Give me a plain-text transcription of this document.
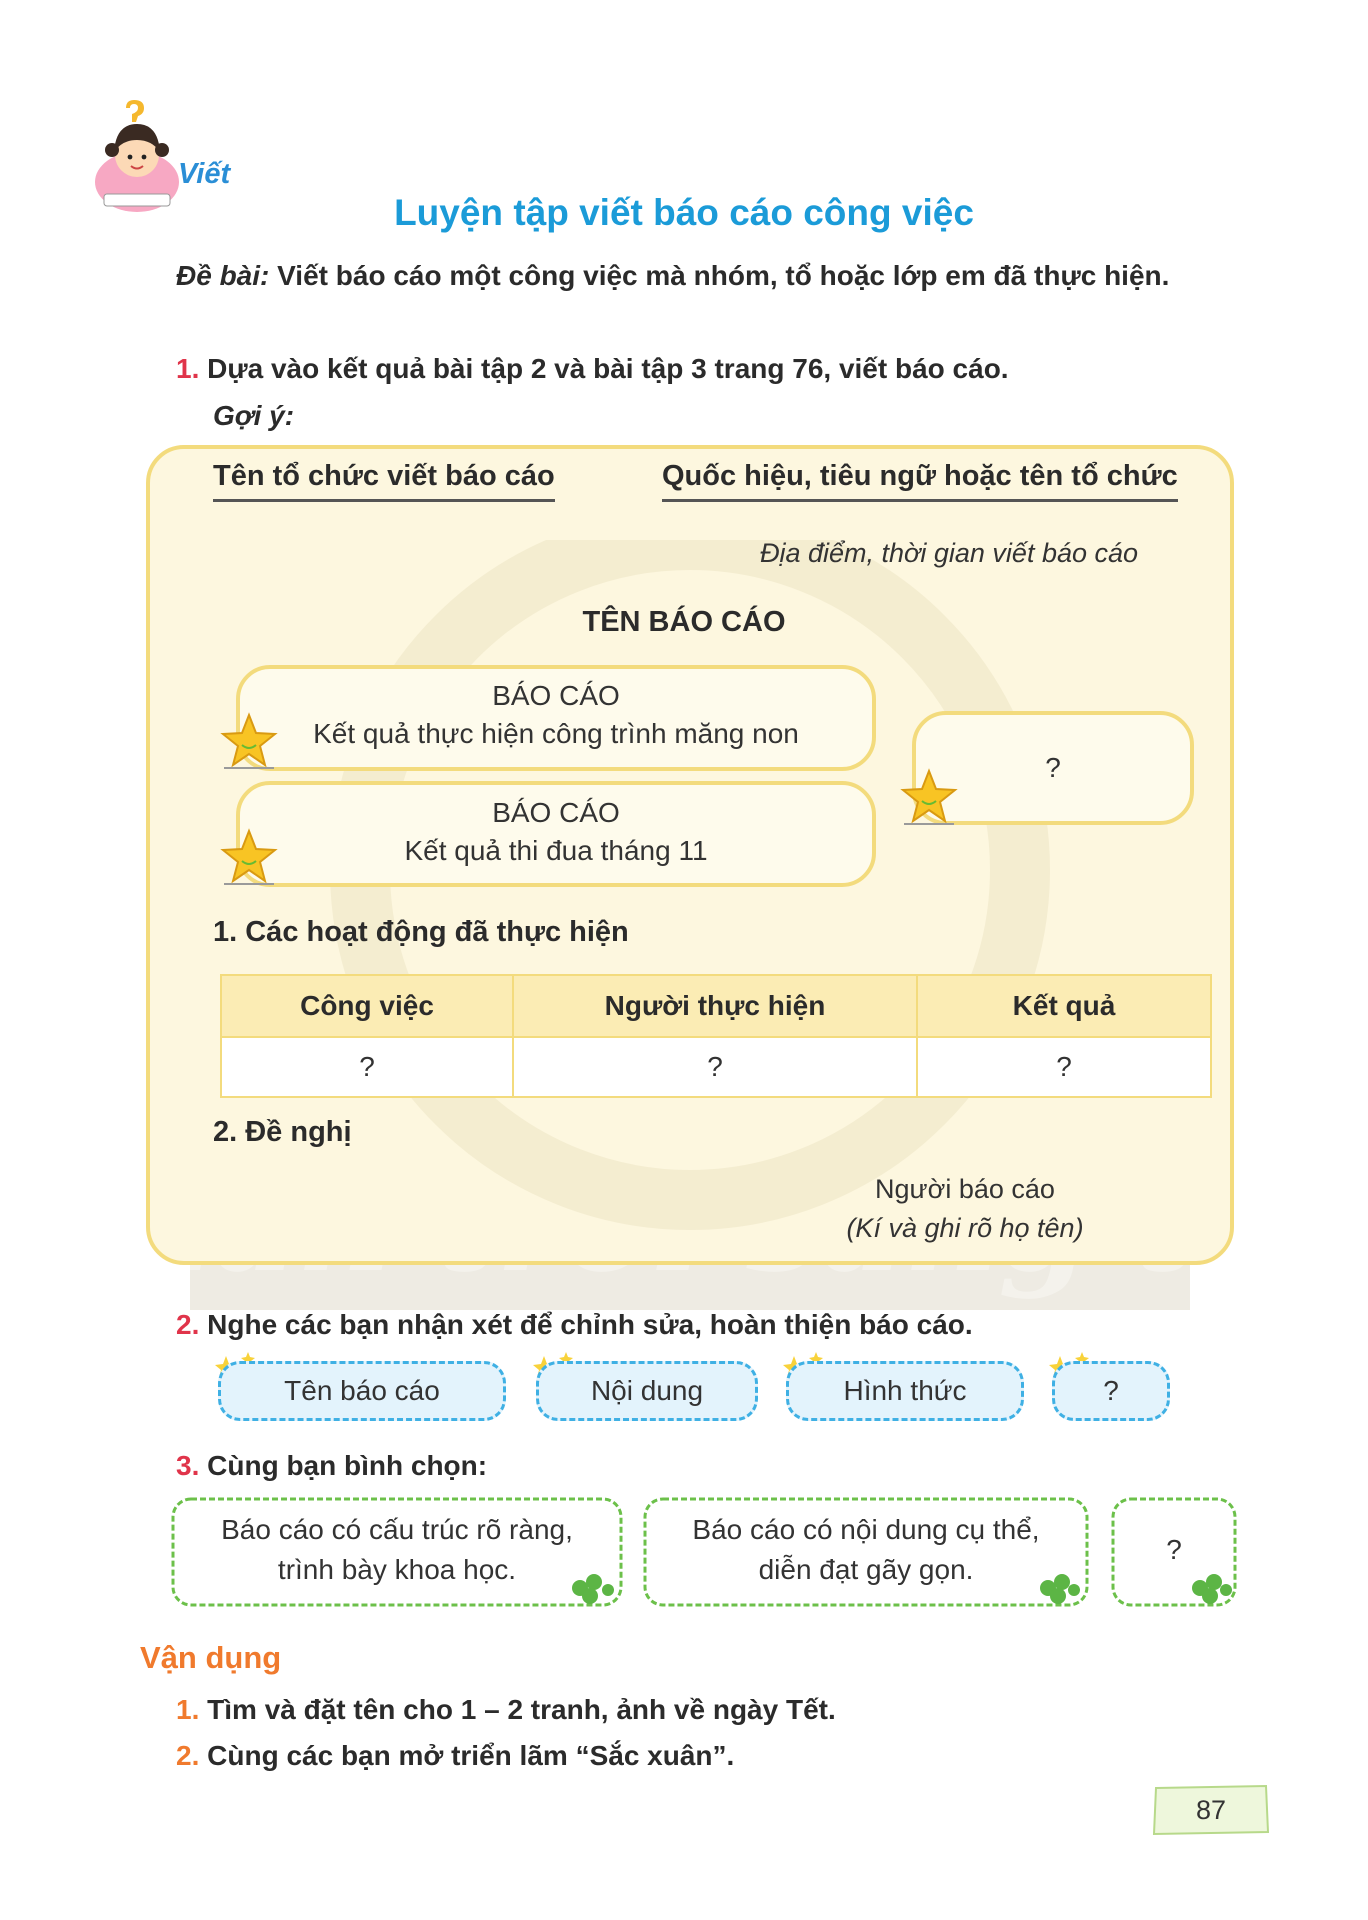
Viết
Luyện tập viết báo cáo công việc
Đề bài: Viết báo cáo một công việc mà nhóm, tổ hoặc lớp em đã thực hiện.
1. Dựa vào kết quả bài tập 2 và bài tập 3 trang 76, viết báo cáo.
Gợi ý:
Tên tổ chức viết báo cáo	Quốc hiệu, tiêu ngữ hoặc tên tổ chức
Địa điểm, thời gian viết báo cáo
TÊN BÁO CÁO
BÁO CÁO
Kết quả thực hiện công trình măng non
BÁO CÁO
Kết quả thi đua tháng 11
?
1. Các hoạt động đã thực hiện
Công việc	Người thực hiện	Kết quả
?	?	?
2. Đề nghị
Người báo cáo
(Kí và ghi rõ họ tên)
2. Nghe các bạn nhận xét để chỉnh sửa, hoàn thiện báo cáo.
Tên báo cáo	Nội dung	Hình thức	?
3. Cùng bạn bình chọn:
Báo cáo có cấu trúc rõ ràng,
trình bày khoa học.
Báo cáo có nội dung cụ thể,
diễn đạt gãy gọn.
?
Vận dụng
1. Tìm và đặt tên cho 1 – 2 tranh, ảnh về ngày Tết.
2. Cùng các bạn mở triển lãm “Sắc xuân”.
87
